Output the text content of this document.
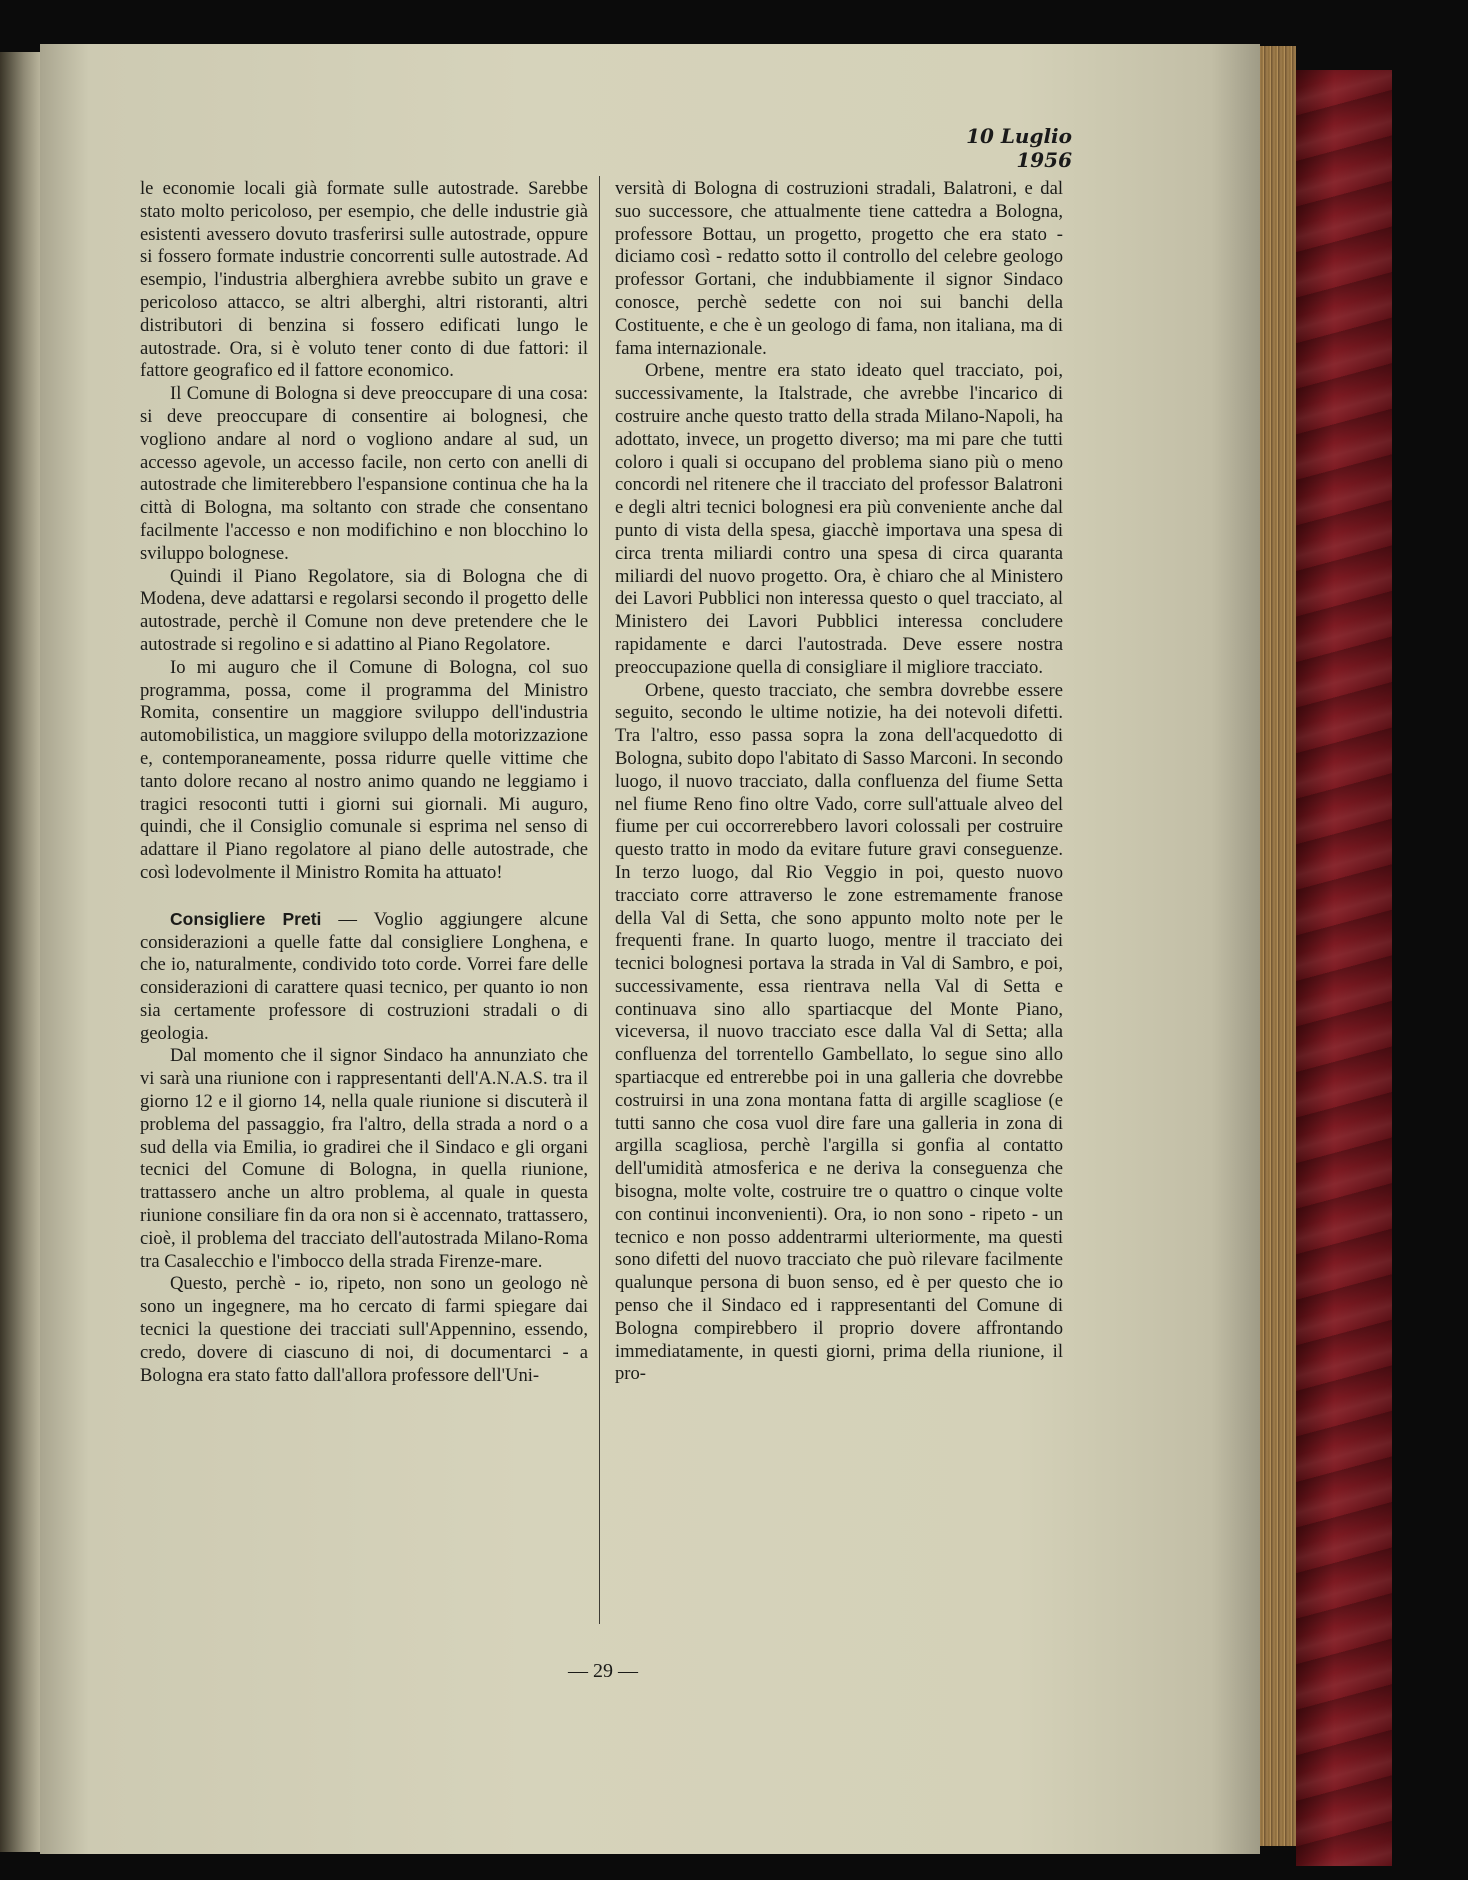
10 Luglio 1956

le economie locali già formate sulle autostrade. Sarebbe stato molto pericoloso, per esempio, che delle industrie già esistenti avessero dovuto trasferirsi sulle autostrade, oppure si fossero formate industrie concorrenti sulle autostrade. Ad esempio, l'industria alberghiera avrebbe subito un grave e pericoloso attacco, se altri alberghi, altri ristoranti, altri distributori di benzina si fossero edificati lungo le autostrade. Ora, si è voluto tener conto di due fattori: il fattore geografico ed il fattore economico.

Il Comune di Bologna si deve preoccupare di una cosa: si deve preoccupare di consentire ai bolognesi, che vogliono andare al nord o vogliono andare al sud, un accesso agevole, un accesso facile, non certo con anelli di autostrade che limiterebbero l'espansione continua che ha la città di Bologna, ma soltanto con strade che consentano facilmente l'accesso e non modifichino e non blocchino lo sviluppo bolognese.

Quindi il Piano Regolatore, sia di Bologna che di Modena, deve adattarsi e regolarsi secondo il progetto delle autostrade, perchè il Comune non deve pretendere che le autostrade si regolino e si adattino al Piano Regolatore.

Io mi auguro che il Comune di Bologna, col suo programma, possa, come il programma del Ministro Romita, consentire un maggiore sviluppo dell'industria automobilistica, un maggiore sviluppo della motorizzazione e, contemporaneamente, possa ridurre quelle vittime che tanto dolore recano al nostro animo quando ne leggiamo i tragici resoconti tutti i giorni sui giornali. Mi auguro, quindi, che il Consiglio comunale si esprima nel senso di adattare il Piano regolatore al piano delle autostrade, che così lodevolmente il Ministro Romita ha attuato!

Consigliere Preti — Voglio aggiungere alcune considerazioni a quelle fatte dal consigliere Longhena, e che io, naturalmente, condivido toto corde. Vorrei fare delle considerazioni di carattere quasi tecnico, per quanto io non sia certamente professore di costruzioni stradali o di geologia.

Dal momento che il signor Sindaco ha annunziato che vi sarà una riunione con i rappresentanti dell'A.N.A.S. tra il giorno 12 e il giorno 14, nella quale riunione si discuterà il problema del passaggio, fra l'altro, della strada a nord o a sud della via Emilia, io gradirei che il Sindaco e gli organi tecnici del Comune di Bologna, in quella riunione, trattassero anche un altro problema, al quale in questa riunione consiliare fin da ora non si è accennato, trattassero, cioè, il problema del tracciato dell'autostrada Milano-Roma tra Casalecchio e l'imbocco della strada Firenze-mare.

Questo, perchè - io, ripeto, non sono un geologo nè sono un ingegnere, ma ho cercato di farmi spiegare dai tecnici la questione dei tracciati sull'Appennino, essendo, credo, dovere di ciascuno di noi, di documentarci - a Bologna era stato fatto dall'allora professore dell'Uni-

versità di Bologna di costruzioni stradali, Balatroni, e dal suo successore, che attualmente tiene cattedra a Bologna, professore Bottau, un progetto, progetto che era stato - diciamo così - redatto sotto il controllo del celebre geologo professor Gortani, che indubbiamente il signor Sindaco conosce, perchè sedette con noi sui banchi della Costituente, e che è un geologo di fama, non italiana, ma di fama internazionale.

Orbene, mentre era stato ideato quel tracciato, poi, successivamente, la Italstrade, che avrebbe l'incarico di costruire anche questo tratto della strada Milano-Napoli, ha adottato, invece, un progetto diverso; ma mi pare che tutti coloro i quali si occupano del problema siano più o meno concordi nel ritenere che il tracciato del professor Balatroni e degli altri tecnici bolognesi era più conveniente anche dal punto di vista della spesa, giacchè importava una spesa di circa trenta miliardi contro una spesa di circa quaranta miliardi del nuovo progetto. Ora, è chiaro che al Ministero dei Lavori Pubblici non interessa questo o quel tracciato, al Ministero dei Lavori Pubblici interessa concludere rapidamente e darci l'autostrada. Deve essere nostra preoccupazione quella di consigliare il migliore tracciato.

Orbene, questo tracciato, che sembra dovrebbe essere seguito, secondo le ultime notizie, ha dei notevoli difetti. Tra l'altro, esso passa sopra la zona dell'acquedotto di Bologna, subito dopo l'abitato di Sasso Marconi. In secondo luogo, il nuovo tracciato, dalla confluenza del fiume Setta nel fiume Reno fino oltre Vado, corre sull'attuale alveo del fiume per cui occorrerebbero lavori colossali per costruire questo tratto in modo da evitare future gravi conseguenze. In terzo luogo, dal Rio Veggio in poi, questo nuovo tracciato corre attraverso le zone estremamente franose della Val di Setta, che sono appunto molto note per le frequenti frane. In quarto luogo, mentre il tracciato dei tecnici bolognesi portava la strada in Val di Sambro, e poi, successivamente, essa rientrava nella Val di Setta e continuava sino allo spartiacque del Monte Piano, viceversa, il nuovo tracciato esce dalla Val di Setta; alla confluenza del torrentello Gambellato, lo segue sino allo spartiacque ed entrerebbe poi in una galleria che dovrebbe costruirsi in una zona montana fatta di argille scagliose (e tutti sanno che cosa vuol dire fare una galleria in zona di argilla scagliosa, perchè l'argilla si gonfia al contatto dell'umidità atmosferica e ne deriva la conseguenza che bisogna, molte volte, costruire tre o quattro o cinque volte con continui inconvenienti). Ora, io non sono - ripeto - un tecnico e non posso addentrarmi ulteriormente, ma questi sono difetti del nuovo tracciato che può rilevare facilmente qualunque persona di buon senso, ed è per questo che io penso che il Sindaco ed i rappresentanti del Comune di Bologna compirebbero il proprio dovere affrontando immediatamente, in questi giorni, prima della riunione, il pro-

— 29 —
